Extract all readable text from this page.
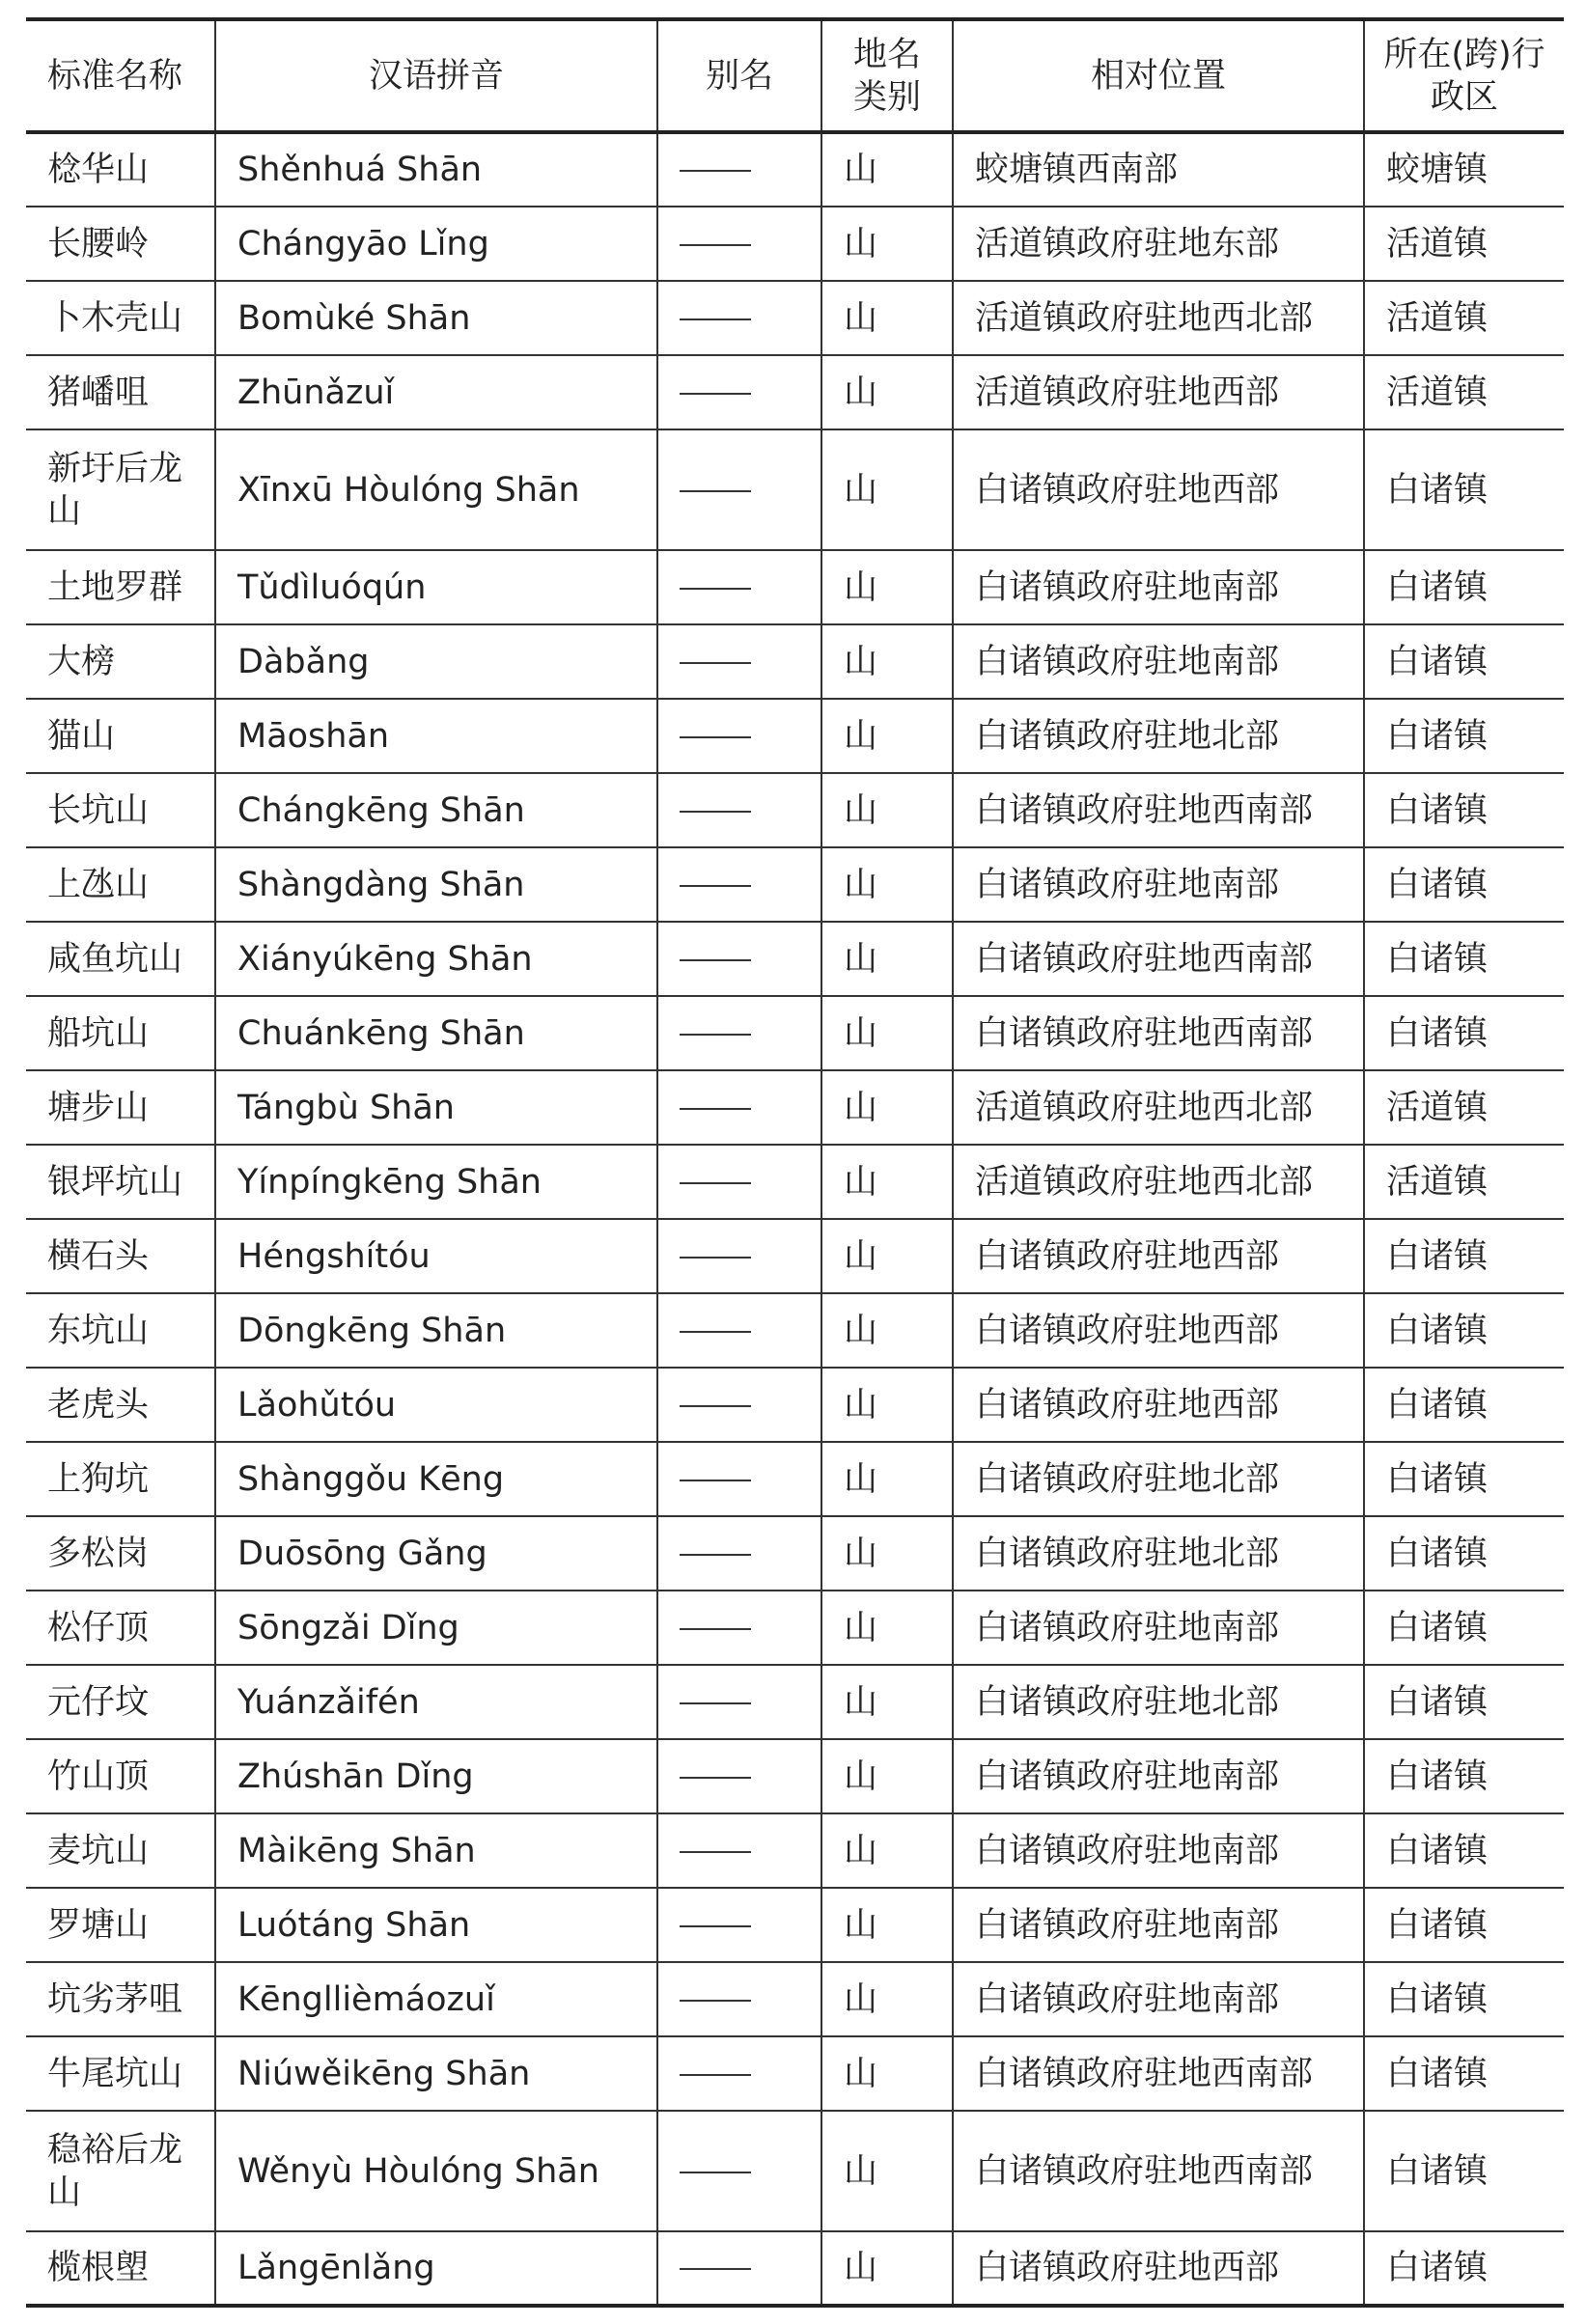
标准名称	汉语拼音	别名	地名类别	相对位置	所在(跨)行政区
棯华山	Shěnhuá Shān		山	蛟塘镇西南部	蛟塘镇
长腰岭	Chángyāo Lǐng		山	活道镇政府驻地东部	活道镇
卜木壳山	Bomùké Shān		山	活道镇政府驻地西北部	活道镇
猪嶓咀	Zhūnǎzuǐ		山	活道镇政府驻地西部	活道镇
新圩后龙山	Xīnxū Hòulóng Shān		山	白诸镇政府驻地西部	白诸镇
土地罗群	Tǔdìluóqún		山	白诸镇政府驻地南部	白诸镇
大榜	Dàbǎng		山	白诸镇政府驻地南部	白诸镇
猫山	Māoshān		山	白诸镇政府驻地北部	白诸镇
长坑山	Chángkēng Shān		山	白诸镇政府驻地西南部	白诸镇
上氹山	Shàngdàng Shān		山	白诸镇政府驻地南部	白诸镇
咸鱼坑山	Xiányúkēng Shān		山	白诸镇政府驻地西南部	白诸镇
船坑山	Chuánkēng Shān		山	白诸镇政府驻地西南部	白诸镇
塘步山	Tángbù Shān		山	活道镇政府驻地西北部	活道镇
银坪坑山	Yínpíngkēng Shān		山	活道镇政府驻地西北部	活道镇
横石头	Héngshítóu		山	白诸镇政府驻地西部	白诸镇
东坑山	Dōngkēng Shān		山	白诸镇政府驻地西部	白诸镇
老虎头	Lǎohǔtóu		山	白诸镇政府驻地西部	白诸镇
上狗坑	Shànggǒu Kēng		山	白诸镇政府驻地北部	白诸镇
多松岗	Duōsōng Gǎng		山	白诸镇政府驻地北部	白诸镇
松仔顶	Sōngzǎi Dǐng		山	白诸镇政府驻地南部	白诸镇
元仔坟	Yuánzǎifén		山	白诸镇政府驻地北部	白诸镇
竹山顶	Zhúshān Dǐng		山	白诸镇政府驻地南部	白诸镇
麦坑山	Màikēng Shān		山	白诸镇政府驻地南部	白诸镇
罗塘山	Luótáng Shān		山	白诸镇政府驻地南部	白诸镇
坑劣茅咀	Kēngllièmáozuǐ		山	白诸镇政府驻地南部	白诸镇
牛尾坑山	Niúwěikēng Shān		山	白诸镇政府驻地西南部	白诸镇
稳裕后龙山	Wěnyù Hòulóng Shān		山	白诸镇政府驻地西南部	白诸镇
榄根塱	Lǎngēnlǎng		山	白诸镇政府驻地西部	白诸镇
